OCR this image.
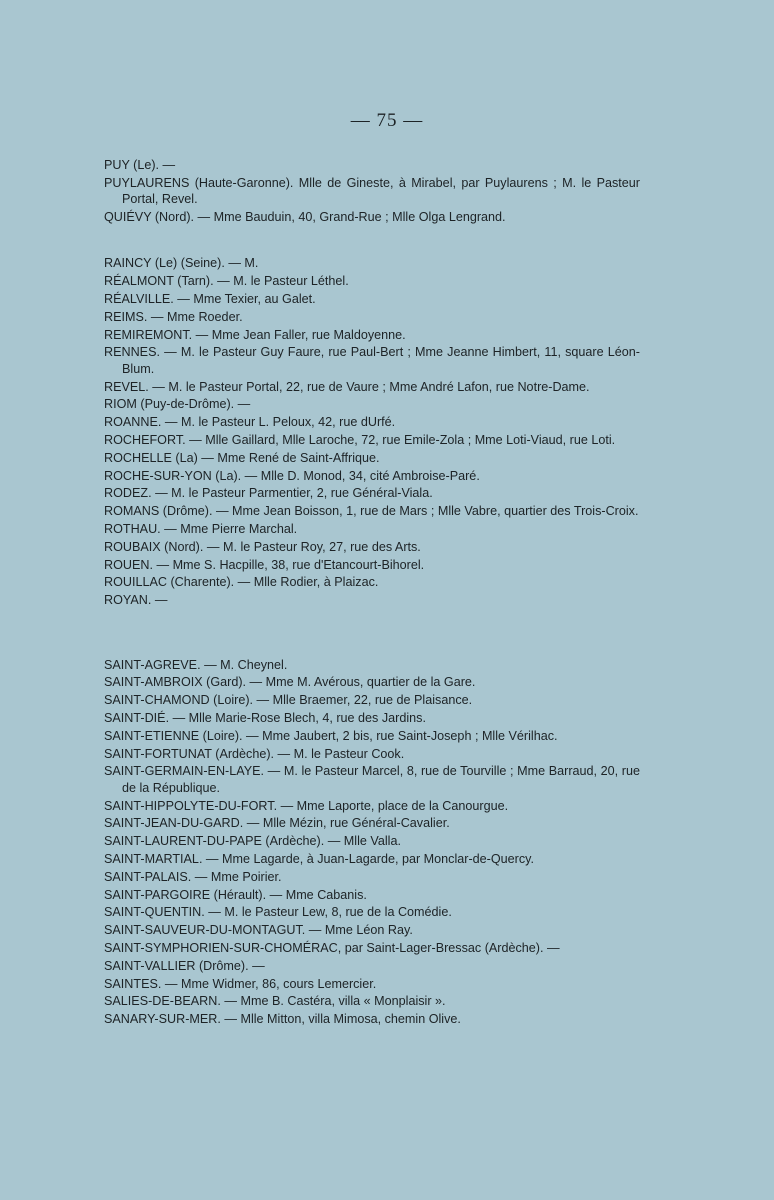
— 75 —

PUY (Le). —

PUYLAURENS (Haute-Garonne). Mlle de Gineste, à Mirabel, par Puylaurens ; M. le Pasteur Portal, Revel.

QUIÉVY (Nord). — Mme Bauduin, 40, Grand-Rue ; Mlle Olga Lengrand.

RAINCY (Le) (Seine). — M.

RÉALMONT (Tarn). — M. le Pasteur Léthel.

RÉALVILLE. — Mme Texier, au Galet.

REIMS. — Mme Roeder.

REMIREMONT. — Mme Jean Faller, rue Maldoyenne.

RENNES. — M. le Pasteur Guy Faure, rue Paul-Bert ; Mme Jeanne Himbert, 11, square Léon-Blum.

REVEL. — M. le Pasteur Portal, 22, rue de Vaure ; Mme André Lafon, rue Notre-Dame.

RIOM (Puy-de-Drôme). —

ROANNE. — M. le Pasteur L. Peloux, 42, rue dUrfé.

ROCHEFORT. — Mlle Gaillard, Mlle Laroche, 72, rue Emile-Zola ; Mme Loti-Viaud, rue Loti.

ROCHELLE (La) — Mme René de Saint-Affrique.

ROCHE-SUR-YON (La). — Mlle D. Monod, 34, cité Ambroise-Paré.

RODEZ. — M. le Pasteur Parmentier, 2, rue Général-Viala.

ROMANS (Drôme). — Mme Jean Boisson, 1, rue de Mars ; Mlle Vabre, quartier des Trois-Croix.

ROTHAU. — Mme Pierre Marchal.

ROUBAIX (Nord). — M. le Pasteur Roy, 27, rue des Arts.

ROUEN. — Mme S. Hacpille, 38, rue d'Etancourt-Bihorel.

ROUILLAC (Charente). — Mlle Rodier, à Plaizac.

ROYAN. —

SAINT-AGREVE. — M. Cheynel.

SAINT-AMBROIX (Gard). — Mme M. Avérous, quartier de la Gare.

SAINT-CHAMOND (Loire). — Mlle Braemer, 22, rue de Plaisance.

SAINT-DIÉ. — Mlle Marie-Rose Blech, 4, rue des Jardins.

SAINT-ETIENNE (Loire). — Mme Jaubert, 2 bis, rue Saint-Joseph ; Mlle Vérilhac.

SAINT-FORTUNAT (Ardèche). — M. le Pasteur Cook.

SAINT-GERMAIN-EN-LAYE. — M. le Pasteur Marcel, 8, rue de Tourville ; Mme Barraud, 20, rue de la République.

SAINT-HIPPOLYTE-DU-FORT. — Mme Laporte, place de la Canourgue.

SAINT-JEAN-DU-GARD. — Mlle Mézin, rue Général-Cavalier.

SAINT-LAURENT-DU-PAPE (Ardèche). — Mlle Valla.

SAINT-MARTIAL. — Mme Lagarde, à Juan-Lagarde, par Monclar-de-Quercy.

SAINT-PALAIS. — Mme Poirier.

SAINT-PARGOIRE (Hérault). — Mme Cabanis.

SAINT-QUENTIN. — M. le Pasteur Lew, 8, rue de la Comédie.

SAINT-SAUVEUR-DU-MONTAGUT. — Mme Léon Ray.

SAINT-SYMPHORIEN-SUR-CHOMÉRAC, par Saint-Lager-Bressac (Ardèche). —

SAINT-VALLIER (Drôme). —

SAINTES. — Mme Widmer, 86, cours Lemercier.

SALIES-DE-BEARN. — Mme B. Castéra, villa « Monplaisir ».

SANARY-SUR-MER. — Mlle Mitton, villa Mimosa, chemin Olive.
